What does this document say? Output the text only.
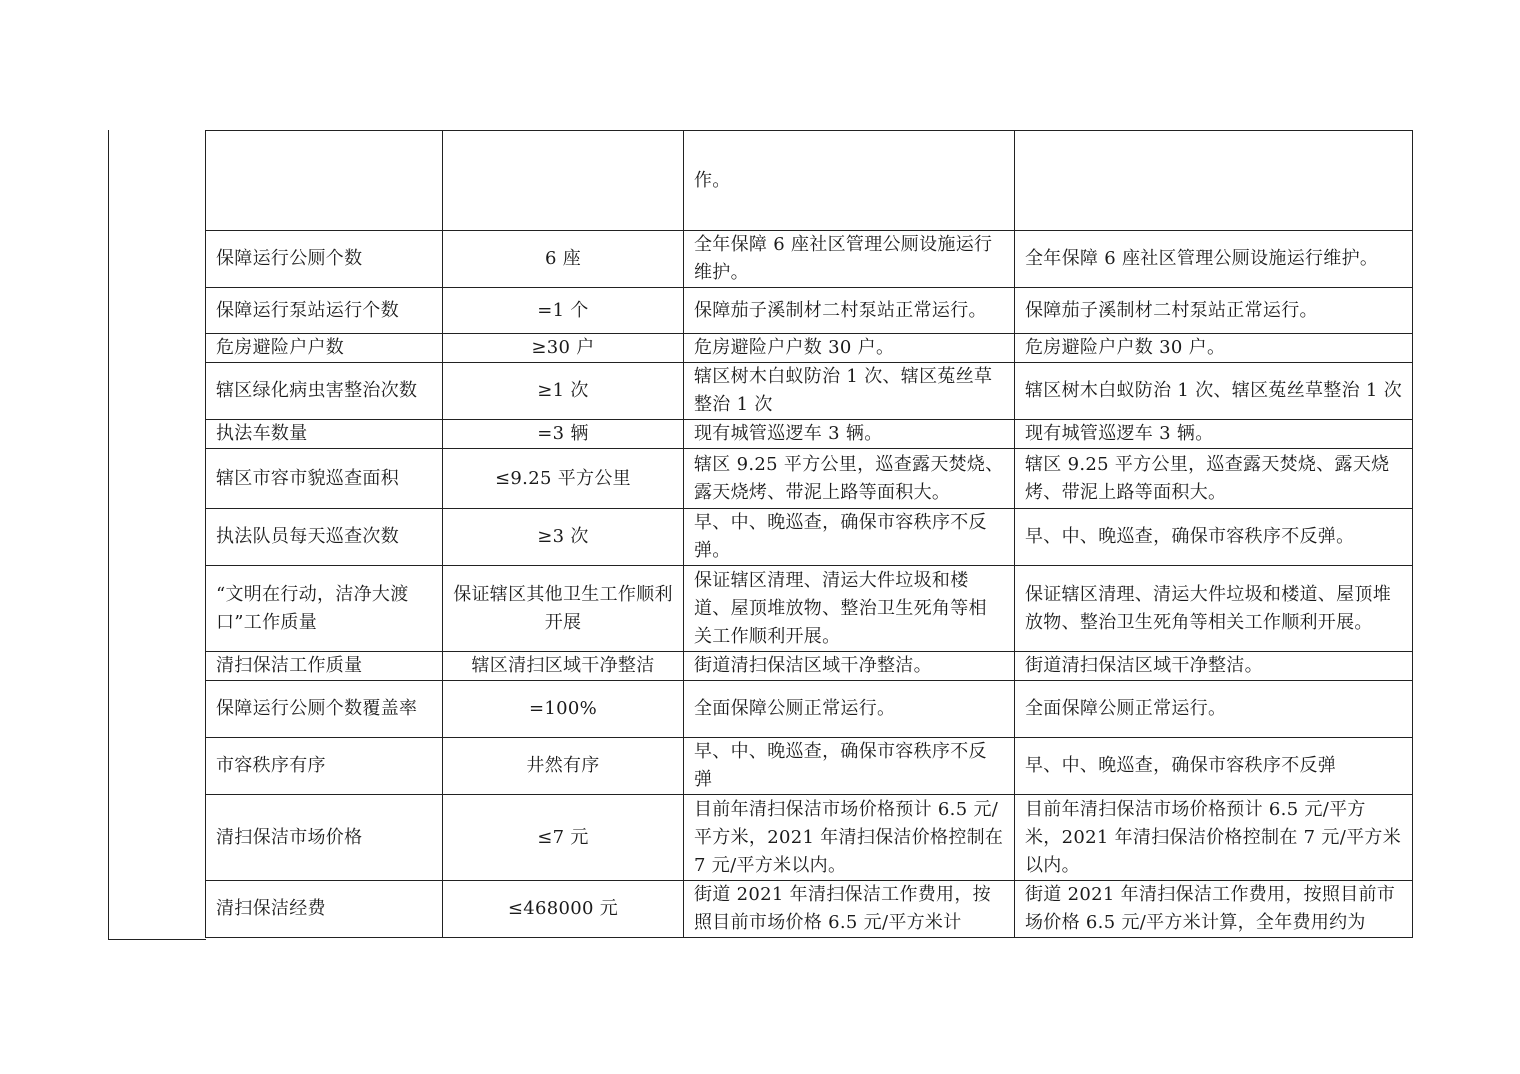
		作。	
保障运行公厕个数	6 座	全年保障 6 座社区管理公厕设施运行维护。	全年保障 6 座社区管理公厕设施运行维护。
保障运行泵站运行个数	=1 个	保障茄子溪制材二村泵站正常运行。	保障茄子溪制材二村泵站正常运行。
危房避险户户数	≥30 户	危房避险户户数 30 户。	危房避险户户数 30 户。
辖区绿化病虫害整治次数	≥1 次	辖区树木白蚁防治 1 次、辖区菟丝草整治 1 次	辖区树木白蚁防治 1 次、辖区菟丝草整治 1 次
执法车数量	=3 辆	现有城管巡逻车 3 辆。	现有城管巡逻车 3 辆。
辖区市容市貌巡查面积	≤9.25 平方公里	辖区 9.25 平方公里，巡查露天焚烧、露天烧烤、带泥上路等面积大。	辖区 9.25 平方公里，巡查露天焚烧、露天烧烤、带泥上路等面积大。
执法队员每天巡查次数	≥3 次	早、中、晚巡查，确保市容秩序不反弹。	早、中、晚巡查，确保市容秩序不反弹。
“文明在行动，洁净大渡口”工作质量	保证辖区其他卫生工作顺利开展	保证辖区清理、清运大件垃圾和楼道、屋顶堆放物、整治卫生死角等相关工作顺利开展。	保证辖区清理、清运大件垃圾和楼道、屋顶堆放物、整治卫生死角等相关工作顺利开展。
清扫保洁工作质量	辖区清扫区域干净整洁	街道清扫保洁区域干净整洁。	街道清扫保洁区域干净整洁。
保障运行公厕个数覆盖率	=100%	全面保障公厕正常运行。	全面保障公厕正常运行。
市容秩序有序	井然有序	早、中、晚巡查，确保市容秩序不反弹	早、中、晚巡查，确保市容秩序不反弹
清扫保洁市场价格	≤7 元	目前年清扫保洁市场价格预计 6.5 元/平方米，2021 年清扫保洁价格控制在 7 元/平方米以内。	目前年清扫保洁市场价格预计 6.5 元/平方米，2021 年清扫保洁价格控制在 7 元/平方米以内。
清扫保洁经费	≤468000 元	街道 2021 年清扫保洁工作费用，按照目前市场价格 6.5 元/平方米计	街道 2021 年清扫保洁工作费用，按照目前市场价格 6.5 元/平方米计算，全年费用约为
